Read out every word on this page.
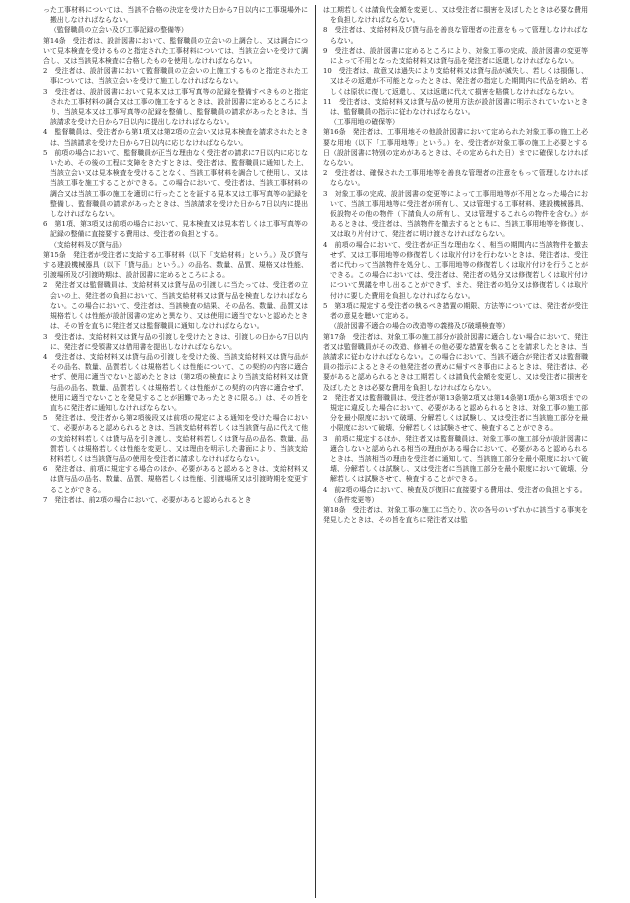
った工事材料については、当該不合格の決定を受けた日から7日以内に工事現場外に搬出しなければならない。

（監督職員の立会い及び工事記録の整備等）

第14条　受注者は、設計図書において、監督職員の立会いの上調合し、又は調合について見本検査を受けるものと指定された工事材料については、当該立会いを受けて調合し、又は当該見本検査に合格したものを使用しなければならない。

2　受注者は、設計図書において監督職員の立会いの上施工するものと指定された工事については、当該立会いを受けて施工しなければならない。

3　受注者は、設計図書において見本又は工事写真等の記録を整備すべきものと指定された工事材料の調合又は工事の施工をするときは、設計図書に定めるところにより、当該見本又は工事写真等の記録を整備し、監督職員の請求があったときは、当該請求を受けた日から7日以内に提出しなければならない。

4　監督職員は、受注者から第1項又は第2項の立会い又は見本検査を請求されたときは、当該請求を受けた日から7日以内に応じなければならない。

5　前項の場合において、監督職員が正当な理由なく受注者の請求に7日以内に応じないため、その後の工程に支障をきたすときは、受注者は、監督職員に通知した上、当該立会い又は見本検査を受けることなく、当該工事材料を調合して使用し、又は当該工事を施工することができる。この場合において、受注者は、当該工事材料の調合又は当該工事の施工を適切に行ったことを証する見本又は工事写真等の記録を整備し、監督職員の請求があったときは、当該請求を受けた日から7日以内に提出しなければならない。

6　第1項、第3項又は前項の場合において、見本検査又は見本若しくは工事写真等の記録の整備に直接要する費用は、受注者の負担とする。

（支給材料及び貸与品）

第15条　発注者が受注者に支給する工事材料（以下「支給材料」という。）及び貸与する建設機械器具（以下「貸与品」という。）の品名、数量、品質、規格又は性能、引渡場所及び引渡時期は、設計図書に定めるところによる。

2　発注者又は監督職員は、支給材料又は貸与品の引渡しに当たっては、受注者の立会いの上、発注者の負担において、当該支給材料又は貸与品を検査しなければならない。この場合において、受注者は、当該検査の結果、その品名、数量、品質又は規格若しくは性能が設計図書の定めと異なり、又は使用に適当でないと認めたときは、その旨を直ちに発注者又は監督職員に通知しなければならない。

3　受注者は、支給材料又は貸与品の引渡しを受けたときは、引渡しの日から7日以内に、発注者に受領書又は借用書を提出しなければならない。

4　受注者は、支給材料又は貸与品の引渡しを受けた後、当該支給材料又は貸与品がその品名、数量、品質若しくは規格若しくは性能について、この契約の内容に適合せず、使用に適当でないと認めたときは（第2項の検査により当該支給材料又は貸与品の品名、数量、品質若しくは規格若しくは性能がこの契約の内容に適合せず、使用に適当でないことを発見することが困難であったときに限る。）は、その旨を直ちに発注者に通知しなければならない。

5　発注者は、受注者から第2項後段又は前項の規定による通知を受けた場合において、必要があると認められるときは、当該支給材料若しくは当該貸与品に代えて他の支給材料若しくは貸与品を引き渡し、支給材料若しくは貸与品の品名、数量、品質若しくは規格若しくは性能を変更し、又は理由を明示した書面により、当該支給材料若しくは当該貸与品の使用を受注者に請求しなければならない。

6　発注者は、前項に規定する場合のほか、必要があると認めるときは、支給材料又は貸与品の品名、数量、品質、規格若しくは性能、引渡場所又は引渡時期を変更することができる。

7　発注者は、前2項の場合において、必要があると認められるとき

は工期若しくは請負代金額を変更し、又は受注者に損害を及ぼしたときは必要な費用を負担しなければならない。

8　受注者は、支給材料及び貸与品を善良な管理者の注意をもって管理しなければならない。

9　受注者は、設計図書に定めるところにより、対象工事の完成、設計図書の変更等によって不用となった支給材料又は貸与品を発注者に返還しなければならない。

10　受注者は、故意又は過失により支給材料又は貸与品が滅失し、若しくは損傷し、又はその返還が不可能となったときは、発注者の指定した期間内に代品を納め、若しくは原状に復して返還し、又は返還に代えて損害を賠償しなければならない。

11　受注者は、支給材料又は貸与品の使用方法が設計図書に明示されていないときは、監督職員の指示に従わなければならない。

（工事用地の確保等）

第16条　発注者は、工事用地その他設計図書において定められた対象工事の施工上必要な用地（以下「工事用地等」という。）を、受注者が対象工事の施工上必要とする日（設計図書に特別の定めがあるときは、その定められた日）までに確保しなければならない。

2　受注者は、確保された工事用地等を善良な管理者の注意をもって管理しなければならない。

3　対象工事の完成、設計図書の変更等によって工事用地等が不用となった場合において、当該工事用地等に受注者が所有し、又は管理する工事材料、建設機械器具、仮設物その他の物件（下請負人の所有し、又は管理するこれらの物件を含む。）があるときは、受注者は、当該物件を撤去するとともに、当該工事用地等を修復し、又は取り片付けて、発注者に明け渡さなければならない。

4　前項の場合において、受注者が正当な理由なく、相当の期間内に当該物件を撤去せず、又は工事用地等の修復若しくは取片付けを行わないときは、発注者は、受注者に代わって当該物件を処分し、工事用地等の修復若しくは取片付けを行うことができる。この場合においては、受注者は、発注者の処分又は修復若しくは取片付けについて異議を申し出ることができず、また、発注者の処分又は修復若しくは取片付けに要した費用を負担しなければならない。

5　第3項に規定する受注者の執るべき措置の期限、方法等については、発注者が受注者の意見を聴いて定める。

（設計図書不適合の場合の改造等の義務及び破壊検査等）

第17条　受注者は、対象工事の施工部分が設計図書に適合しない場合において、発注者又は監督職員がその改造、修補その他必要な措置を執ることを請求したときは、当該請求に従わなければならない。この場合において、当該不適合が発注者又は監督職員の指示によるときその他発注者の責めに帰すべき事由によるときは、発注者は、必要があると認められるときは工期若しくは請負代金額を変更し、又は受注者に損害を及ぼしたときは必要な費用を負担しなければならない。

2　発注者又は監督職員は、受注者が第13条第2項又は第14条第1項から第3項までの規定に違反した場合において、必要があると認められるときは、対象工事の施工部分を最小限度において破壊、分解若しくは試験し、又は受注者に当該施工部分を最小限度において破壊、分解若しくは試験させて、検査することができる。

3　前項に規定するほか、発注者又は監督職員は、対象工事の施工部分が設計図書に適合しないと認められる相当の理由がある場合において、必要があると認められるときは、当該相当の理由を受注者に通知して、当該施工部分を最小限度において破壊、分解若しくは試験し、又は受注者に当該施工部分を最小限度において破壊、分解若しくは試験させて、検査することができる。

4　前2項の場合において、検査及び復旧に直接要する費用は、受注者の負担とする。

（条件変更等）

第18条　受注者は、対象工事の施工に当たり、次の各号のいずれかに該当する事実を発見したときは、その旨を直ちに発注者又は監
